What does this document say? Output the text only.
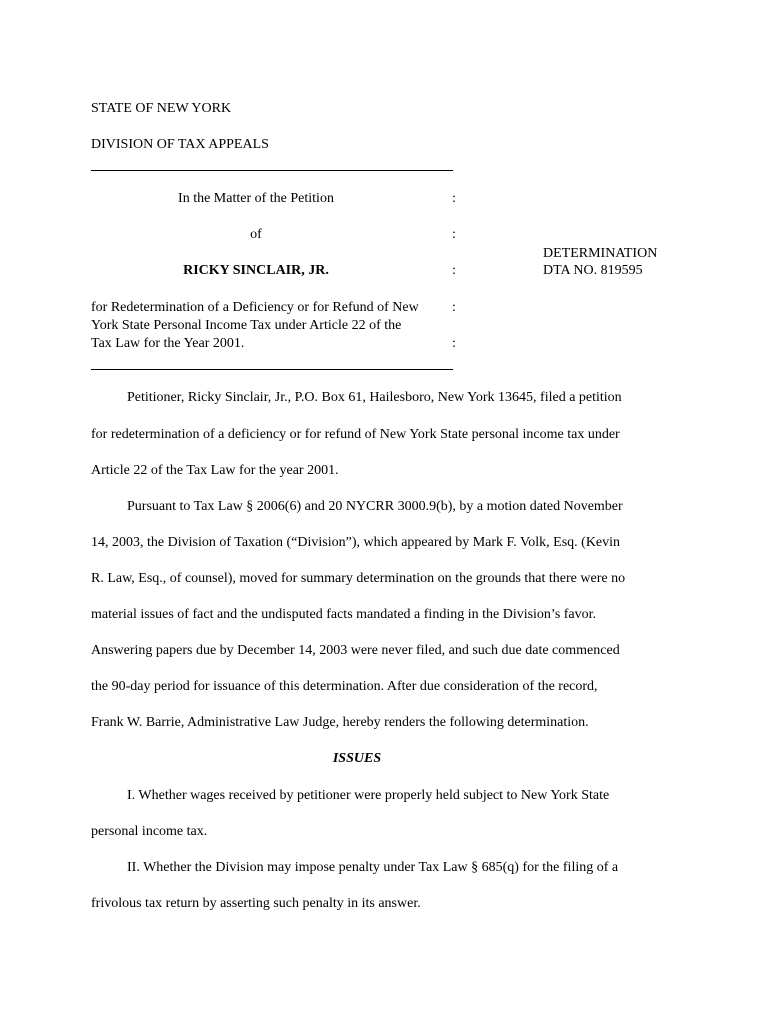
STATE OF NEW YORK
DIVISION OF TAX APPEALS
In the Matter of the Petition	:
of	:
DETERMINATION
RICKY SINCLAIR, JR.	:	DTA NO. 819595
for Redetermination of a Deficiency or for Refund of New :
York State Personal Income Tax under Article 22 of the
Tax Law for the Year 2001.	:
Petitioner, Ricky Sinclair, Jr., P.O. Box 61, Hailesboro, New York 13645, filed a petition
for redetermination of a deficiency or for refund of New York State personal income tax under
Article 22 of the Tax Law for the year 2001.
Pursuant to Tax Law § 2006(6) and 20 NYCRR 3000.9(b), by a motion dated November
14, 2003, the Division of Taxation (“Division”), which appeared by Mark F. Volk, Esq. (Kevin
R. Law, Esq., of counsel), moved for summary determination on the grounds that there were no
material issues of fact and the undisputed facts mandated a finding in the Division’s favor.
Answering papers due by December 14, 2003 were never filed, and such due date commenced
the 90-day period for issuance of this determination. After due consideration of the record,
Frank W. Barrie, Administrative Law Judge, hereby renders the following determination.
ISSUES
I. Whether wages received by petitioner were properly held subject to New York State
personal income tax.
II. Whether the Division may impose penalty under Tax Law § 685(q) for the filing of a
frivolous tax return by asserting such penalty in its answer.
